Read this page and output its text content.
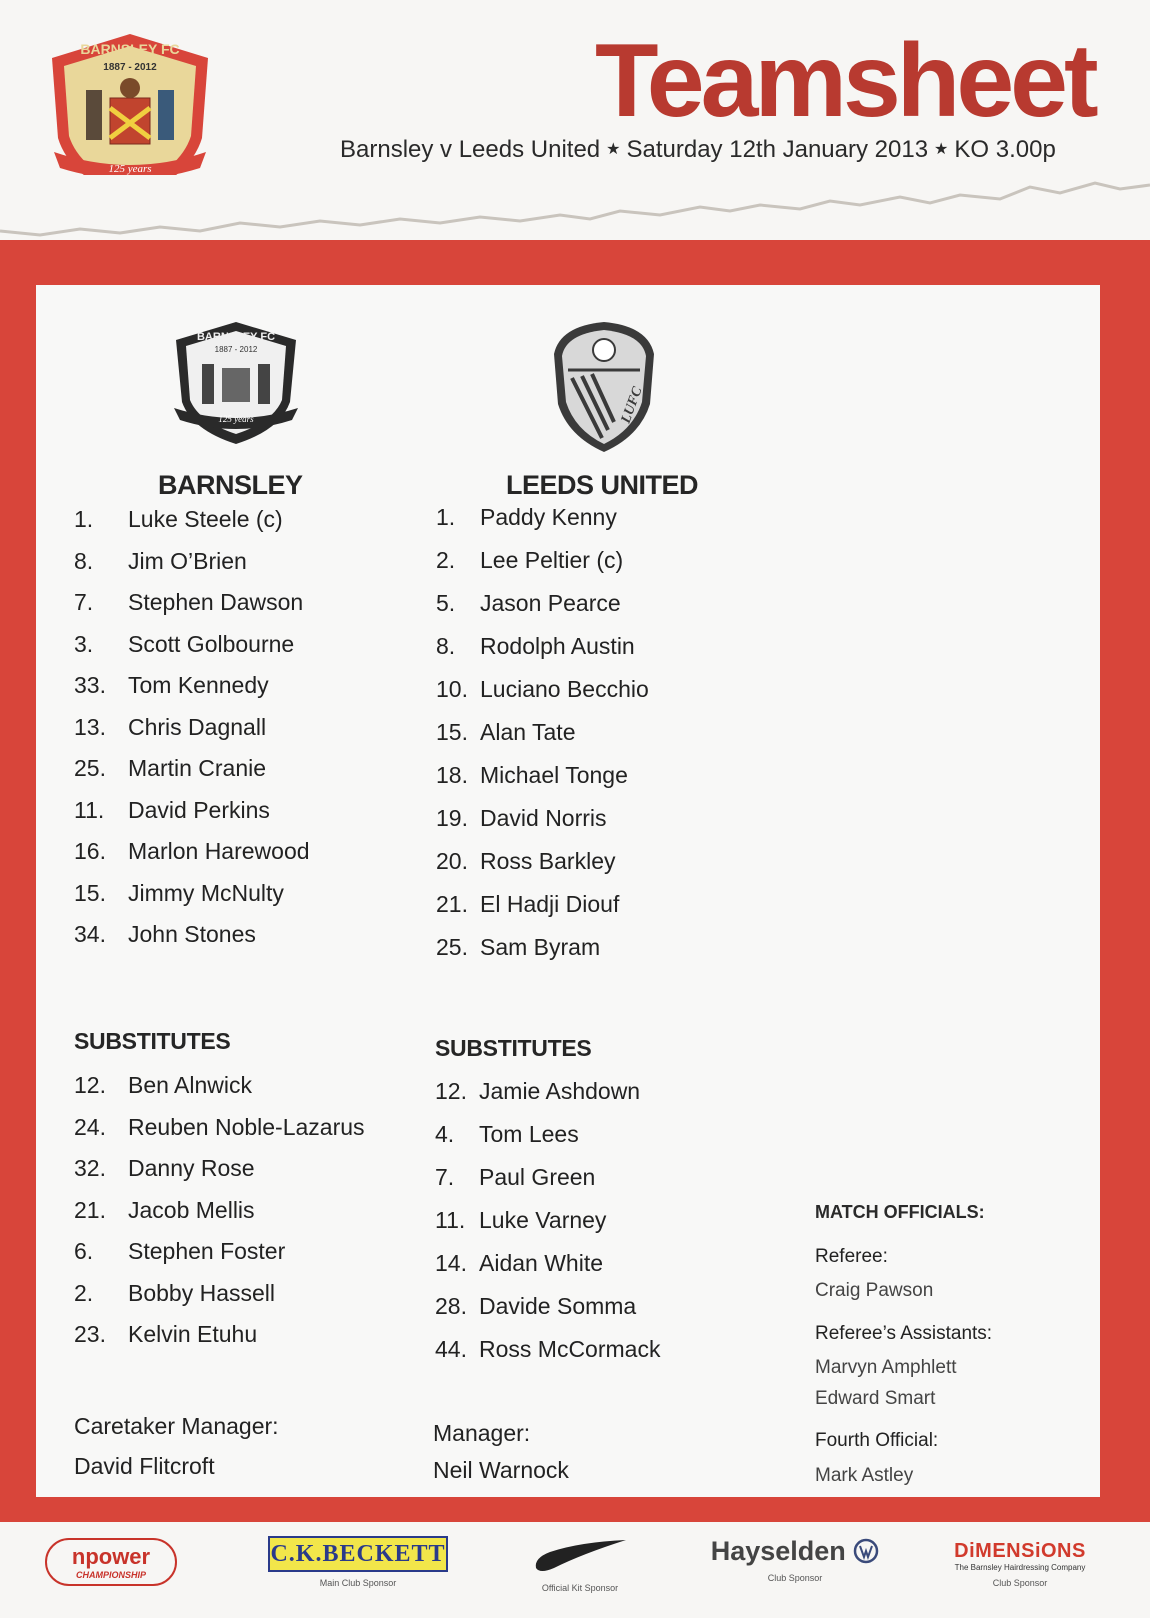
BARNSLEY FC
1887 - 2012
125 years
Teamsheet
Barnsley v Leeds United ★ Saturday 12th January 2013 ★ KO 3.00p
BARNSLEY FC
1887 - 2012
125 years	LUFC
BARNSLEY
1. Luke Steele (c)
8. Jim O’Brien
7. Stephen Dawson
3. Scott Golbourne
33. Tom Kennedy
13. Chris Dagnall
25. Martin Cranie
11. David Perkins
16. Marlon Harewood
15. Jimmy McNulty
34. John Stones
SUBSTITUTES
12. Ben Alnwick
24. Reuben Noble-Lazarus
32. Danny Rose
21. Jacob Mellis
6. Stephen Foster
2. Bobby Hassell
23. Kelvin Etuhu
Caretaker Manager:
David Flitcroft
LEEDS UNITED
1. Paddy Kenny
2. Lee Peltier (c)
5. Jason Pearce
8. Rodolph Austin
10. Luciano Becchio
15. Alan Tate
18. Michael Tonge
19. David Norris
20. Ross Barkley
21. El Hadji Diouf
25. Sam Byram
SUBSTITUTES
12. Jamie Ashdown
4. Tom Lees
7. Paul Green
11. Luke Varney
14. Aidan White
28. Davide Somma
44. Ross McCormack
Manager:
Neil Warnock
MATCH OFFICIALS:
Referee:
Craig Pawson
Referee’s Assistants:
Marvyn Amphlett
Edward Smart
Fourth Official:
Mark Astley
npower
CHAMPIONSHIP
C.K.BECKETT
Main Club Sponsor	Official Kit Sponsor
Hayselden
Club Sponsor
DiMENSiONS
The Barnsley Hairdressing Company
Club Sponsor
